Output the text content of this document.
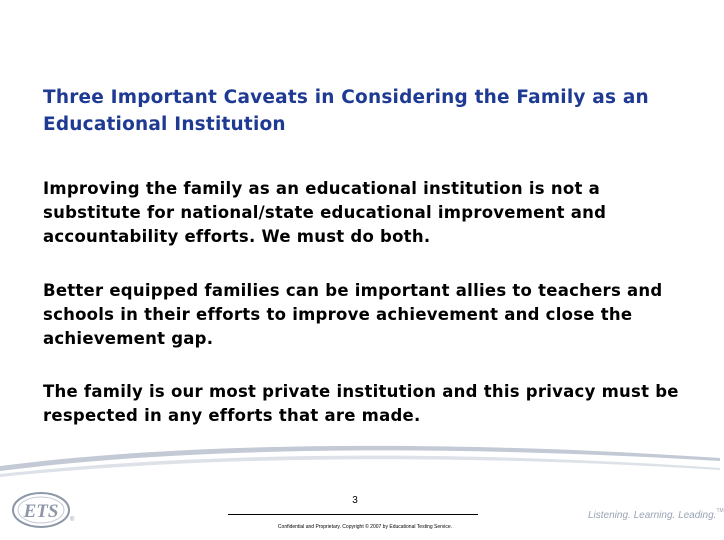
Three Important Caveats in Considering the Family as an Educational Institution

Improving the family as an educational institution is not a substitute for national/state educational improvement and accountability efforts. We must do both.

Better equipped families can be important allies to teachers and schools in their efforts to improve achievement and close the achievement gap.

The family is our most private institution and this privacy must be respected in any efforts that are made.

3
Confidential and Proprietary. Copyright © 2007 by Educational Testing Service.
ETS ®	Listening. Learning. Leading.™
